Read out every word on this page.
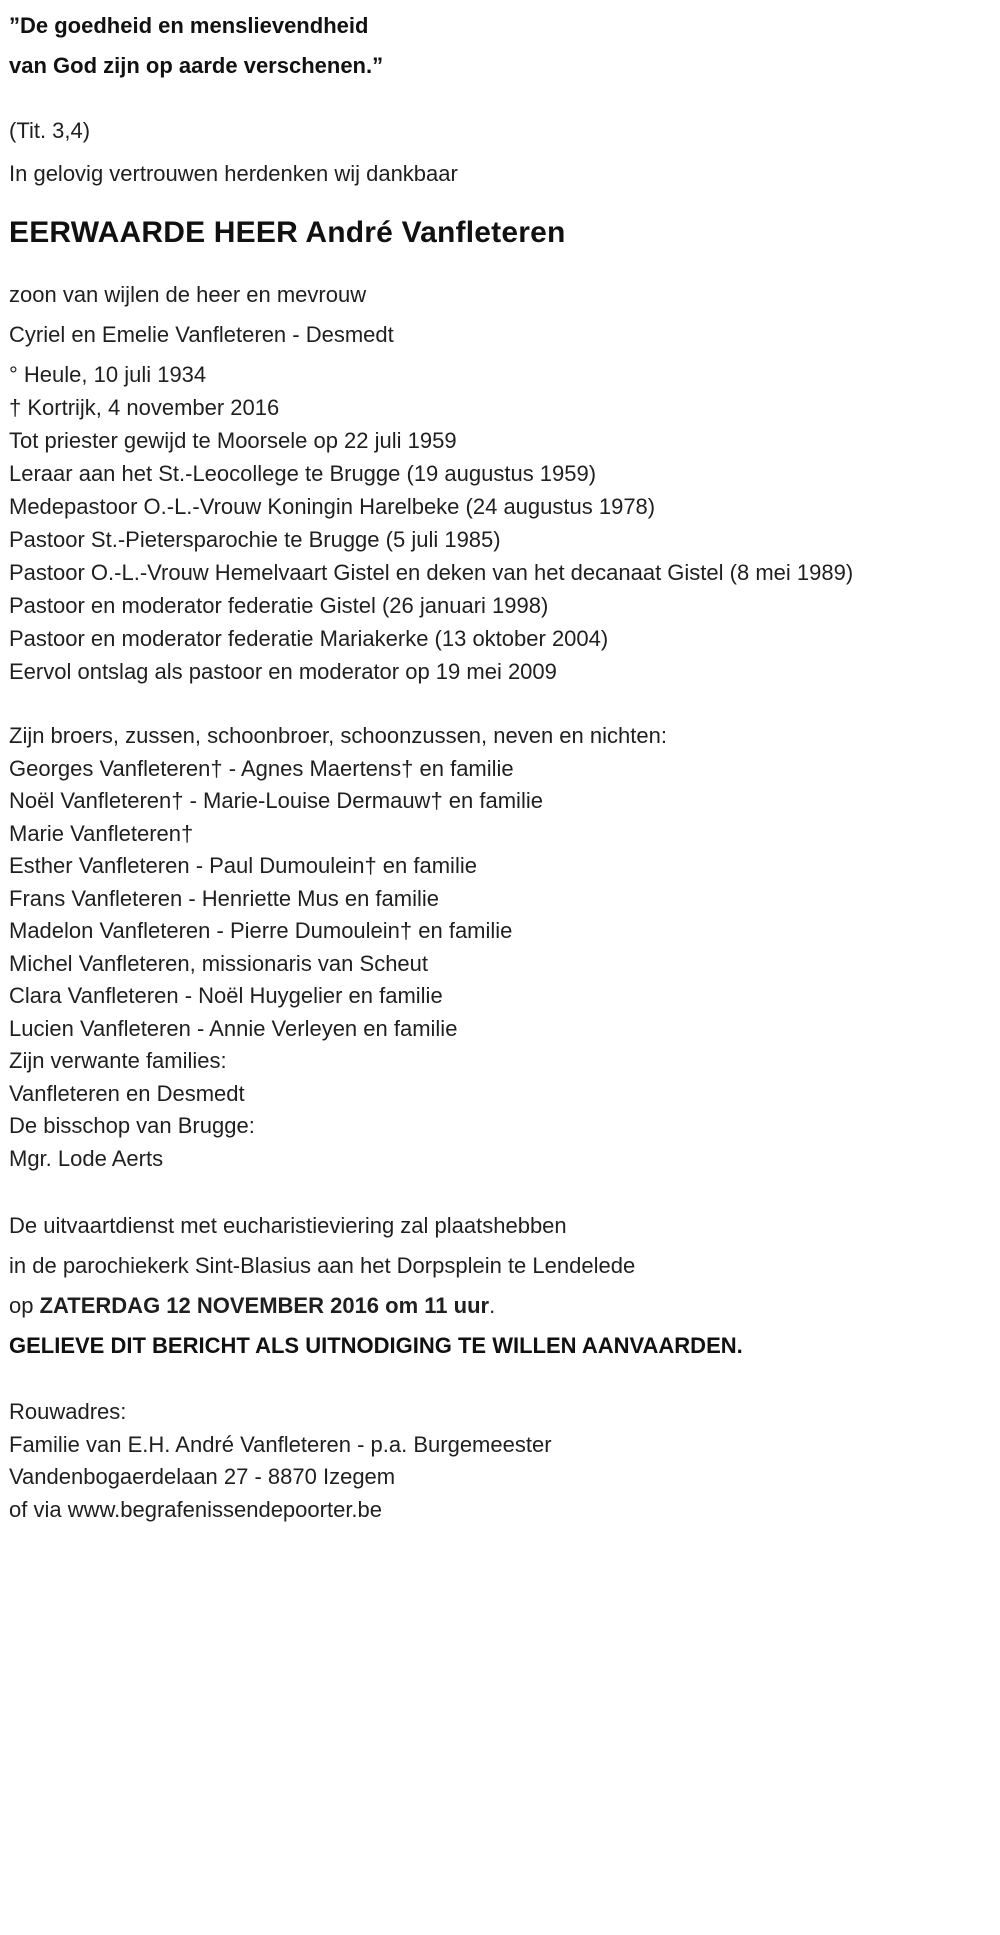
”De goedheid en menslievendheid

van God zijn op aarde verschenen.”

(Tit. 3,4)

In gelovig vertrouwen herdenken wij dankbaar

EERWAARDE HEER André Vanfleteren

zoon van wijlen de heer en mevrouw

Cyriel en Emelie Vanfleteren - Desmedt

° Heule, 10 juli 1934

† Kortrijk, 4 november 2016

Tot priester gewijd te Moorsele op 22 juli 1959

Leraar aan het St.-Leocollege te Brugge (19 augustus 1959)

Medepastoor O.-L.-Vrouw Koningin Harelbeke (24 augustus 1978)

Pastoor St.-Pietersparochie te Brugge (5 juli 1985)

Pastoor O.-L.-Vrouw Hemelvaart Gistel en deken van het decanaat Gistel (8 mei 1989)

Pastoor en moderator federatie Gistel (26 januari 1998)

Pastoor en moderator federatie Mariakerke (13 oktober 2004)

Eervol ontslag als pastoor en moderator op 19 mei 2009

Zijn broers, zussen, schoonbroer, schoonzussen, neven en nichten:

Georges Vanfleteren† - Agnes Maertens† en familie

Noël Vanfleteren† - Marie-Louise Dermauw† en familie

Marie Vanfleteren†

Esther Vanfleteren - Paul Dumoulein† en familie

Frans Vanfleteren - Henriette Mus en familie

Madelon Vanfleteren - Pierre Dumoulein† en familie

Michel Vanfleteren, missionaris van Scheut

Clara Vanfleteren - Noël Huygelier en familie

Lucien Vanfleteren - Annie Verleyen en familie

Zijn verwante families:

Vanfleteren en Desmedt

De bisschop van Brugge:

Mgr. Lode Aerts

De uitvaartdienst met eucharistieviering zal plaatshebben

in de parochiekerk Sint-Blasius aan het Dorpsplein te Lendelede

op ZATERDAG 12 NOVEMBER 2016 om 11 uur.

GELIEVE DIT BERICHT ALS UITNODIGING TE WILLEN AANVAARDEN.

Rouwadres:

Familie van E.H. André Vanfleteren - p.a. Burgemeester

Vandenbogaerdelaan 27 - 8870 Izegem

of via www.begrafenissendepoorter.be
